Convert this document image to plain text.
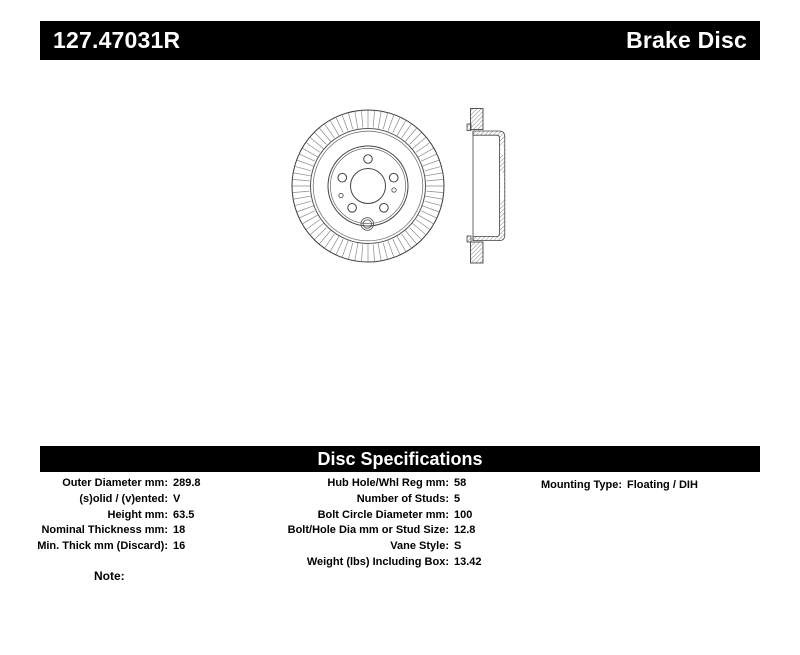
127.47031R	Brake Disc
Disc Specifications
Outer Diameter mm: 289.8
(s)olid / (v)ented: V
Height mm: 63.5
Nominal Thickness mm: 18
Min. Thick mm (Discard): 16
Hub Hole/Whl Reg mm: 58
Number of Studs: 5
Bolt Circle Diameter mm: 100
Bolt/Hole Dia mm or Stud Size: 12.8
Vane Style: S
Weight (lbs) Including Box: 13.42
Mounting Type: Floating / DIH
Note:
